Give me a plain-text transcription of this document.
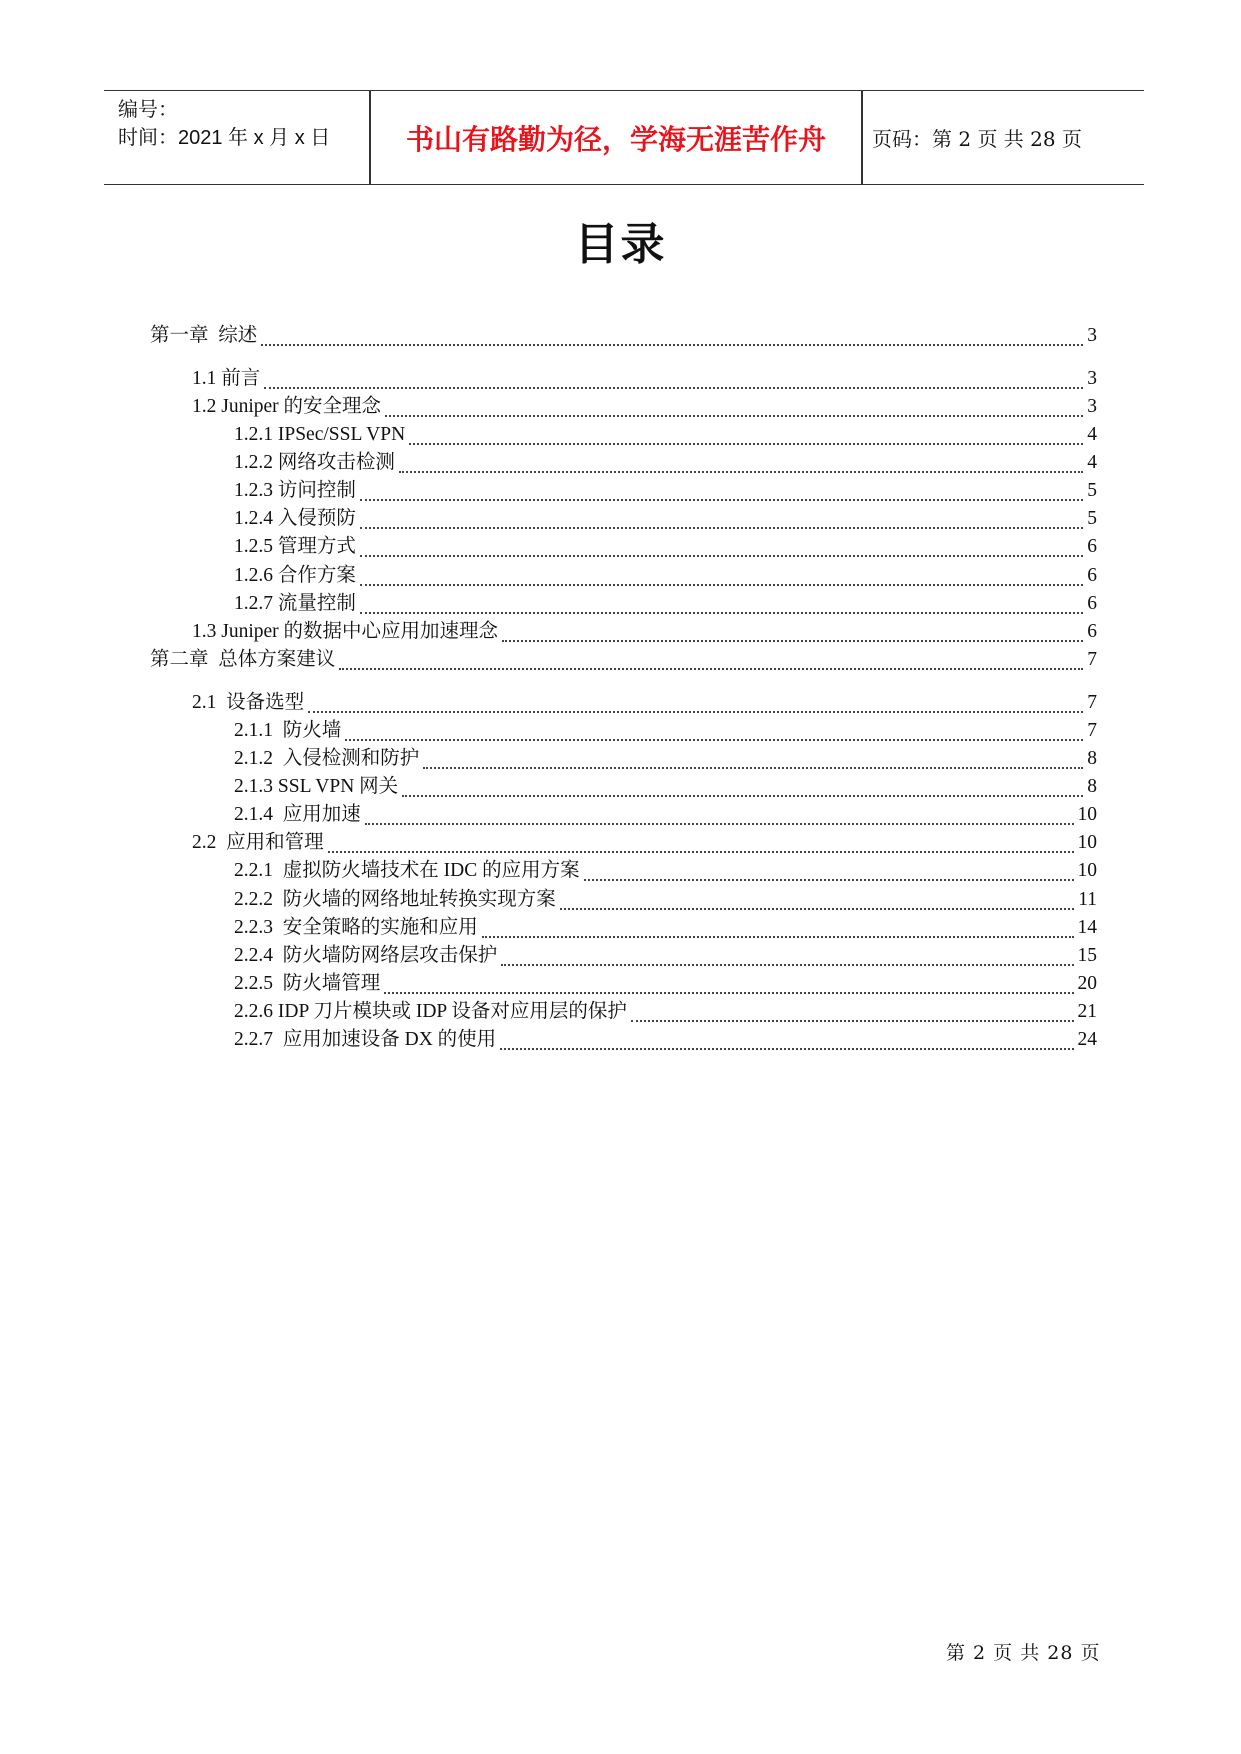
编号：
时间：2021 年 x 月 x 日	书山有路勤为径，学海无涯苦作舟	页码：第 2 页 共 28 页
目录
第一章  综述	3
1.1 前言	3
1.2 Juniper 的安全理念	3
1.2.1 IPSec/SSL VPN	4
1.2.2 网络攻击检测	4
1.2.3 访问控制	5
1.2.4 入侵预防	5
1.2.5 管理方式	6
1.2.6 合作方案	6
1.2.7 流量控制	6
1.3 Juniper 的数据中心应用加速理念	6
第二章  总体方案建议	7
2.1  设备选型	7
2.1.1  防火墙	7
2.1.2  入侵检测和防护	8
2.1.3 SSL VPN 网关	8
2.1.4  应用加速	10
2.2  应用和管理	10
2.2.1  虚拟防火墙技术在 IDC 的应用方案	10
2.2.2  防火墙的网络地址转换实现方案	11
2.2.3  安全策略的实施和应用	14
2.2.4  防火墙防网络层攻击保护	15
2.2.5  防火墙管理	20
2.2.6 IDP 刀片模块或 IDP 设备对应用层的保护	21
2.2.7  应用加速设备 DX 的使用	24
第 2 页 共 28 页
